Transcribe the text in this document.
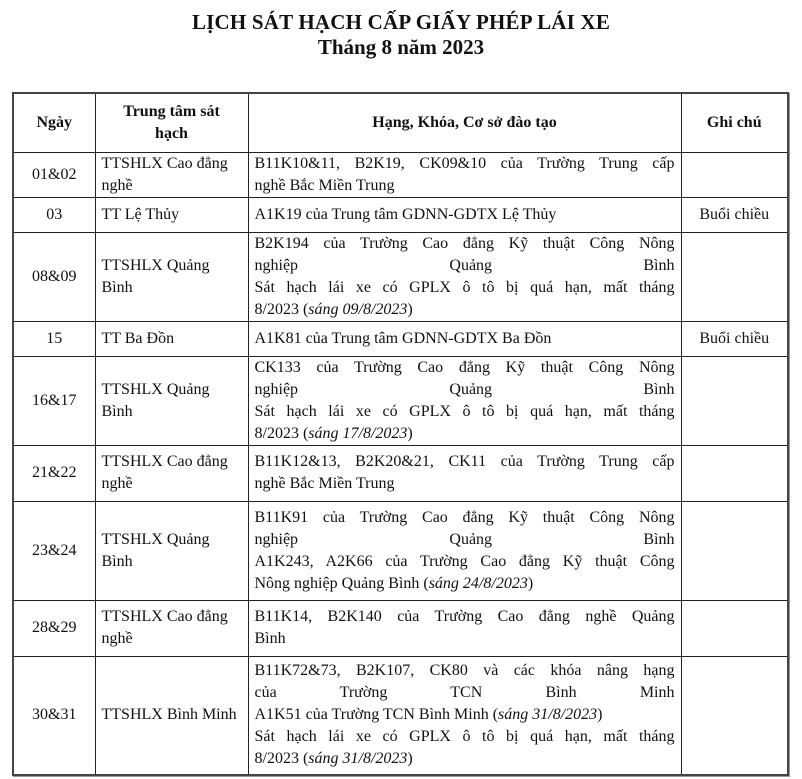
LỊCH SÁT HẠCH CẤP GIẤY PHÉP LÁI XE
Tháng 8 năm 2023
Ngày	Trung tâm sát hạch	Hạng, Khóa, Cơ sở đào tạo	Ghi chú
01&02	TTSHLX Cao đẳng nghề	B11K10&11, B2K19, CK09&10 của Trường Trung cấp
nghề Bắc Miền Trung	

03	TT Lệ Thủy	A1K19 của Trung tâm GDNN-GDTX Lệ Thủy	Buổi chiều
08&09	TTSHLX Quảng Bình	B2K194 của Trường Cao đẳng Kỹ thuật Công Nông
nghiệp Quảng Bình
Sát hạch lái xe có GPLX ô tô bị quá hạn, mất tháng
8/2023 (sáng 09/8/2023)	

15	TT Ba Đồn	A1K81 của Trung tâm GDNN-GDTX Ba Đồn	Buổi chiều
16&17	TTSHLX Quảng Bình	CK133 của Trường Cao đẳng Kỹ thuật Công Nông
nghiệp Quảng Bình
Sát hạch lái xe có GPLX ô tô bị quá hạn, mất tháng
8/2023 (sáng 17/8/2023)	

21&22	TTSHLX Cao đẳng nghề	B11K12&13, B2K20&21, CK11 của Trường Trung cấp
nghề Bắc Miền Trung	

23&24	TTSHLX Quảng Bình	B11K91 của Trường Cao đẳng Kỹ thuật Công Nông
nghiệp Quảng Bình
A1K243, A2K66 của Trường Cao đẳng Kỹ thuật Công
Nông nghiệp Quảng Bình (sáng 24/8/2023)	

28&29	TTSHLX Cao đẳng nghề	B11K14, B2K140 của Trường Cao đẳng nghề Quảng
Bình	

30&31	TTSHLX Bình Minh	B11K72&73, B2K107, CK80 và các khóa nâng hạng
của Trường TCN Bình Minh
A1K51 của Trường TCN Bình Minh (sáng 31/8/2023)
Sát hạch lái xe có GPLX ô tô bị quá hạn, mất tháng
8/2023 (sáng 31/8/2023)	
